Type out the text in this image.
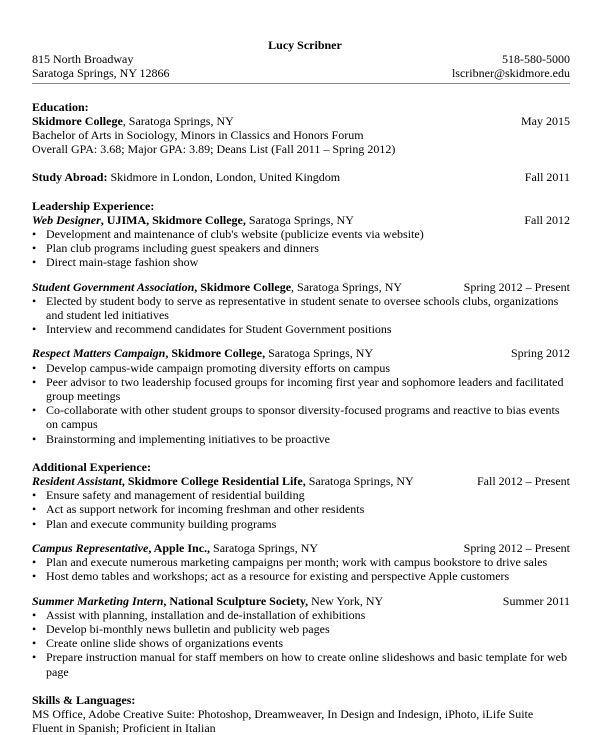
Lucy Scribner
815 North Broadway	518-580-5000
Saratoga Springs, NY 12866	lscribner@skidmore.edu
Education:
Skidmore College, Saratoga Springs, NY	May 2015
Bachelor of Arts in Sociology, Minors in Classics and Honors Forum
Overall GPA: 3.68; Major GPA: 3.89; Deans List (Fall 2011 – Spring 2012)
Study Abroad: Skidmore in London, London, United Kingdom	Fall 2011
Leadership Experience:
Web Designer, UJIMA, Skidmore College, Saratoga Springs, NY	Fall 2012
• Development and maintenance of club's website (publicize events via website)
• Plan club programs including guest speakers and dinners
• Direct main-stage fashion show
Student Government Association, Skidmore College, Saratoga Springs, NY	Spring 2012 – Present
• Elected by student body to serve as representative in student senate to oversee schools clubs, organizations and student led initiatives
• Interview and recommend candidates for Student Government positions
Respect Matters Campaign, Skidmore College, Saratoga Springs, NY	Spring 2012
• Develop campus-wide campaign promoting diversity efforts on campus
• Peer advisor to two leadership focused groups for incoming first year and sophomore leaders and facilitated group meetings
• Co-collaborate with other student groups to sponsor diversity-focused programs and reactive to bias events on campus
• Brainstorming and implementing initiatives to be proactive
Additional Experience:
Resident Assistant, Skidmore College Residential Life, Saratoga Springs, NY	Fall 2012 – Present
• Ensure safety and management of residential building
• Act as support network for incoming freshman and other residents
• Plan and execute community building programs
Campus Representative, Apple Inc., Saratoga Springs, NY	Spring 2012 – Present
• Plan and execute numerous marketing campaigns per month; work with campus bookstore to drive sales
• Host demo tables and workshops; act as a resource for existing and perspective Apple customers
Summer Marketing Intern, National Sculpture Society, New York, NY	Summer 2011
• Assist with planning, installation and de-installation of exhibitions
• Develop bi-monthly news bulletin and publicity web pages
• Create online slide shows of organizations events
• Prepare instruction manual for staff members on how to create online slideshows and basic template for web page
Skills & Languages:
MS Office, Adobe Creative Suite: Photoshop, Dreamweaver, In Design and Indesign, iPhoto, iLife Suite
Fluent in Spanish; Proficient in Italian
